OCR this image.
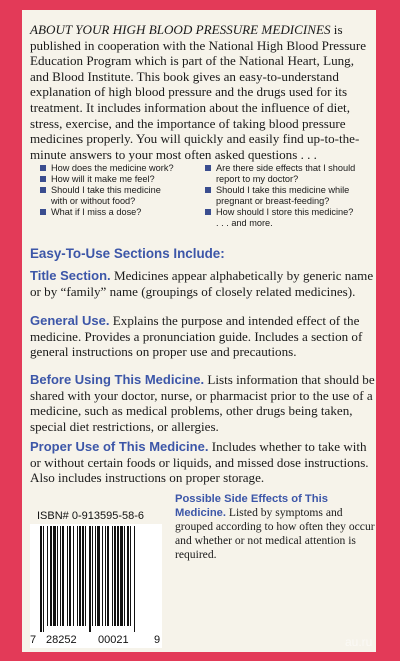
ABOUT YOUR HIGH BLOOD PRESSURE MEDICINES is published in cooperation with the National High Blood Pressure Education Program which is part of the National Heart, Lung, and Blood Institute. This book gives an easy-to-understand explanation of high blood pressure and the drugs used for its treatment. It includes information about the influence of diet, stress, exercise, and the importance of taking blood pressure medicines properly. You will quickly and easily find up-to-the-minute answers to your most often asked questions . . .
How does the medicine work?
How will it make me feel?
Should I take this medicine
with or without food?
What if I miss a dose?
Are there side effects that I should
report to my doctor?
Should I take this medicine while
pregnant or breast-feeding?
How should I store this medicine?
. . . and more.
Easy-To-Use Sections Include:
Title Section. Medicines appear alphabetically by generic name or by “family” name (groupings of closely related medicines).
General Use. Explains the purpose and intended effect of the medicine. Provides a pronunciation guide. Includes a section of general instructions on proper use and precautions.
Before Using This Medicine. Lists information that should be shared with your doctor, nurse, or pharmacist prior to the use of a medicine, such as medical problems, other drugs being taken, special diet restrictions, or allergies.
Proper Use of This Medicine. Includes whether to take with or without certain foods or liquids, and missed dose instructions. Also includes instructions on proper storage.
Possible Side Effects of This Medicine. Listed by symptoms and grouped according to how often they occur and whether or not medical attention is required.
ISBN# 0-913595-58-6
7 28252 00021 9	au.ru
